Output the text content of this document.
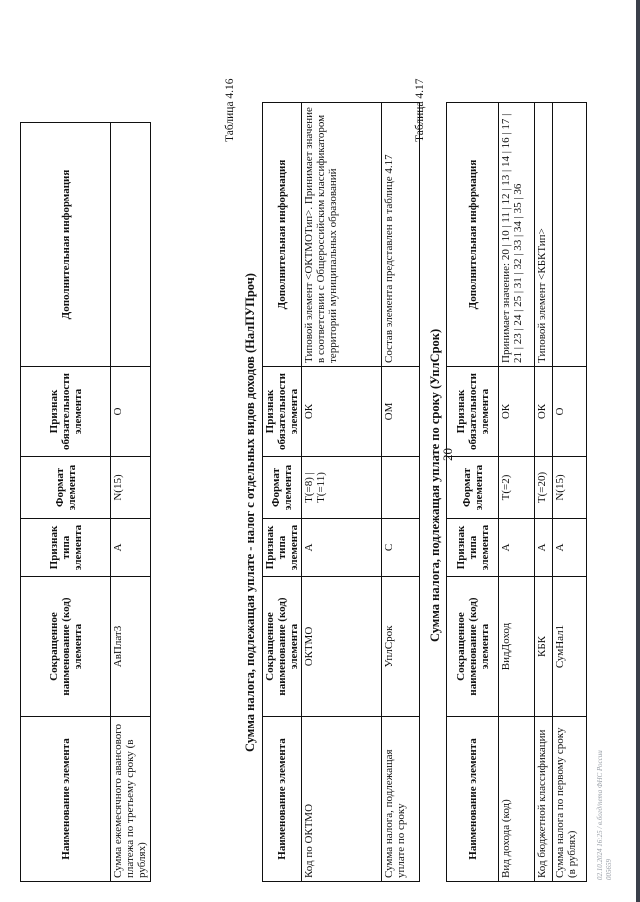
20
Наименование элемента	Сокращенное наименование (код) элемента	Признак типа элемента	Формат элемента	Признак обязательности элемента	Дополнительная информация
Сумма ежемесячного авансового платежа по третьему сроку (в рублях)	АвПлат3	А	N(15)	О	
Таблица 4.16
Сумма налога, подлежащая уплате - налог с отдельных видов доходов (НалПУПроч)
Наименование элемента	Сокращенное наименование (код) элемента	Признак типа элемента	Формат элемента	Признак обязательности элемента	Дополнительная информация
Код по ОКТМО	ОКТМО	А	T(=8) | T(=11)	ОК	Типовой элемент <ОКТМОТип>. Принимает значение в соответствии с Общероссийским классификатором территорий муниципальных образований
Сумма налога, подлежащая уплате по сроку	УплСрок	С		ОМ	Состав элемента представлен в таблице 4.17
Таблица 4.17
Сумма налога, подлежащая уплате по сроку (УплСрок)
Наименование элемента	Сокращенное наименование (код) элемента	Признак типа элемента	Формат элемента	Признак обязательности элемента	Дополнительная информация
Вид дохода (код)	ВидДоход	А	T(=2)	ОК	Принимает значение: 20 | 10 | 11 | 12 | 13 | 14 | 16 | 17 | 21 | 23 | 24 | 25 | 31 | 32 | 33 | 34 | 35 | 36
Код бюджетной классификации	КБК	А	T(=20)	ОК	Типовой элемент <КБКТип>
Сумма налога по первому сроку (в рублях)	СумНал1	А	N(15)	О	
02.10.2024 16:25 / в.богд/пета ФНС России 005659
